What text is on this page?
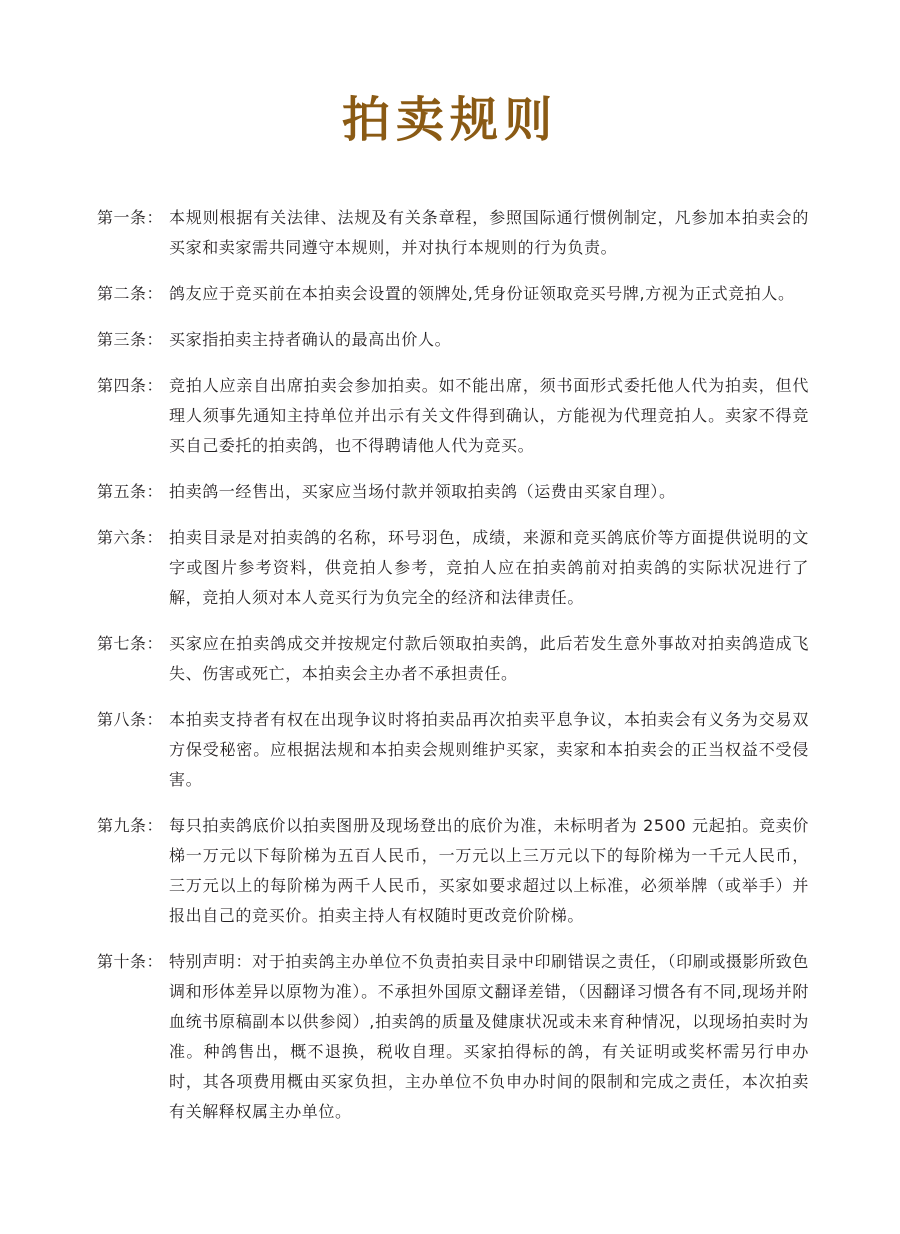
拍卖规则
第一条： 本规则根据有关法律、法规及有关条章程，参照国际通行惯例制定，凡参加本拍卖会的买家和卖家需共同遵守本规则，并对执行本规则的行为负责。
第二条： 鸽友应于竞买前在本拍卖会设置的领牌处,凭身份证领取竞买号牌,方视为正式竞拍人。
第三条： 买家指拍卖主持者确认的最高出价人。
第四条： 竞拍人应亲自出席拍卖会参加拍卖。如不能出席，须书面形式委托他人代为拍卖，但代理人须事先通知主持单位并出示有关文件得到确认，方能视为代理竞拍人。卖家不得竞买自己委托的拍卖鸽，也不得聘请他人代为竞买。
第五条： 拍卖鸽一经售出，买家应当场付款并领取拍卖鸽（运费由买家自理）。
第六条： 拍卖目录是对拍卖鸽的名称，环号羽色，成绩，来源和竞买鸽底价等方面提供说明的文字或图片参考资料，供竞拍人参考，竞拍人应在拍卖鸽前对拍卖鸽的实际状况进行了解，竞拍人须对本人竞买行为负完全的经济和法律责任。
第七条： 买家应在拍卖鸽成交并按规定付款后领取拍卖鸽，此后若发生意外事故对拍卖鸽造成飞失、伤害或死亡，本拍卖会主办者不承担责任。
第八条： 本拍卖支持者有权在出现争议时将拍卖品再次拍卖平息争议，本拍卖会有义务为交易双方保受秘密。应根据法规和本拍卖会规则维护买家，卖家和本拍卖会的正当权益不受侵害。
第九条： 每只拍卖鸽底价以拍卖图册及现场登出的底价为准，未标明者为 2500 元起拍。竞卖价梯一万元以下每阶梯为五百人民币，一万元以上三万元以下的每阶梯为一千元人民币，三万元以上的每阶梯为两千人民币，买家如要求超过以上标准，必须举牌（或举手）并报出自己的竞买价。拍卖主持人有权随时更改竞价阶梯。
第十条： 特别声明：对于拍卖鸽主办单位不负责拍卖目录中印刷错误之责任，（印刷或摄影所致色调和形体差异以原物为准）。不承担外国原文翻译差错，（因翻译习惯各有不同,现场并附血统书原稿副本以供参阅）,拍卖鸽的质量及健康状况或未来育种情况，以现场拍卖时为准。种鸽售出，概不退换，税收自理。买家拍得标的鸽，有关证明或奖杯需另行申办时，其各项费用概由买家负担，主办单位不负申办时间的限制和完成之责任，本次拍卖有关解释权属主办单位。
